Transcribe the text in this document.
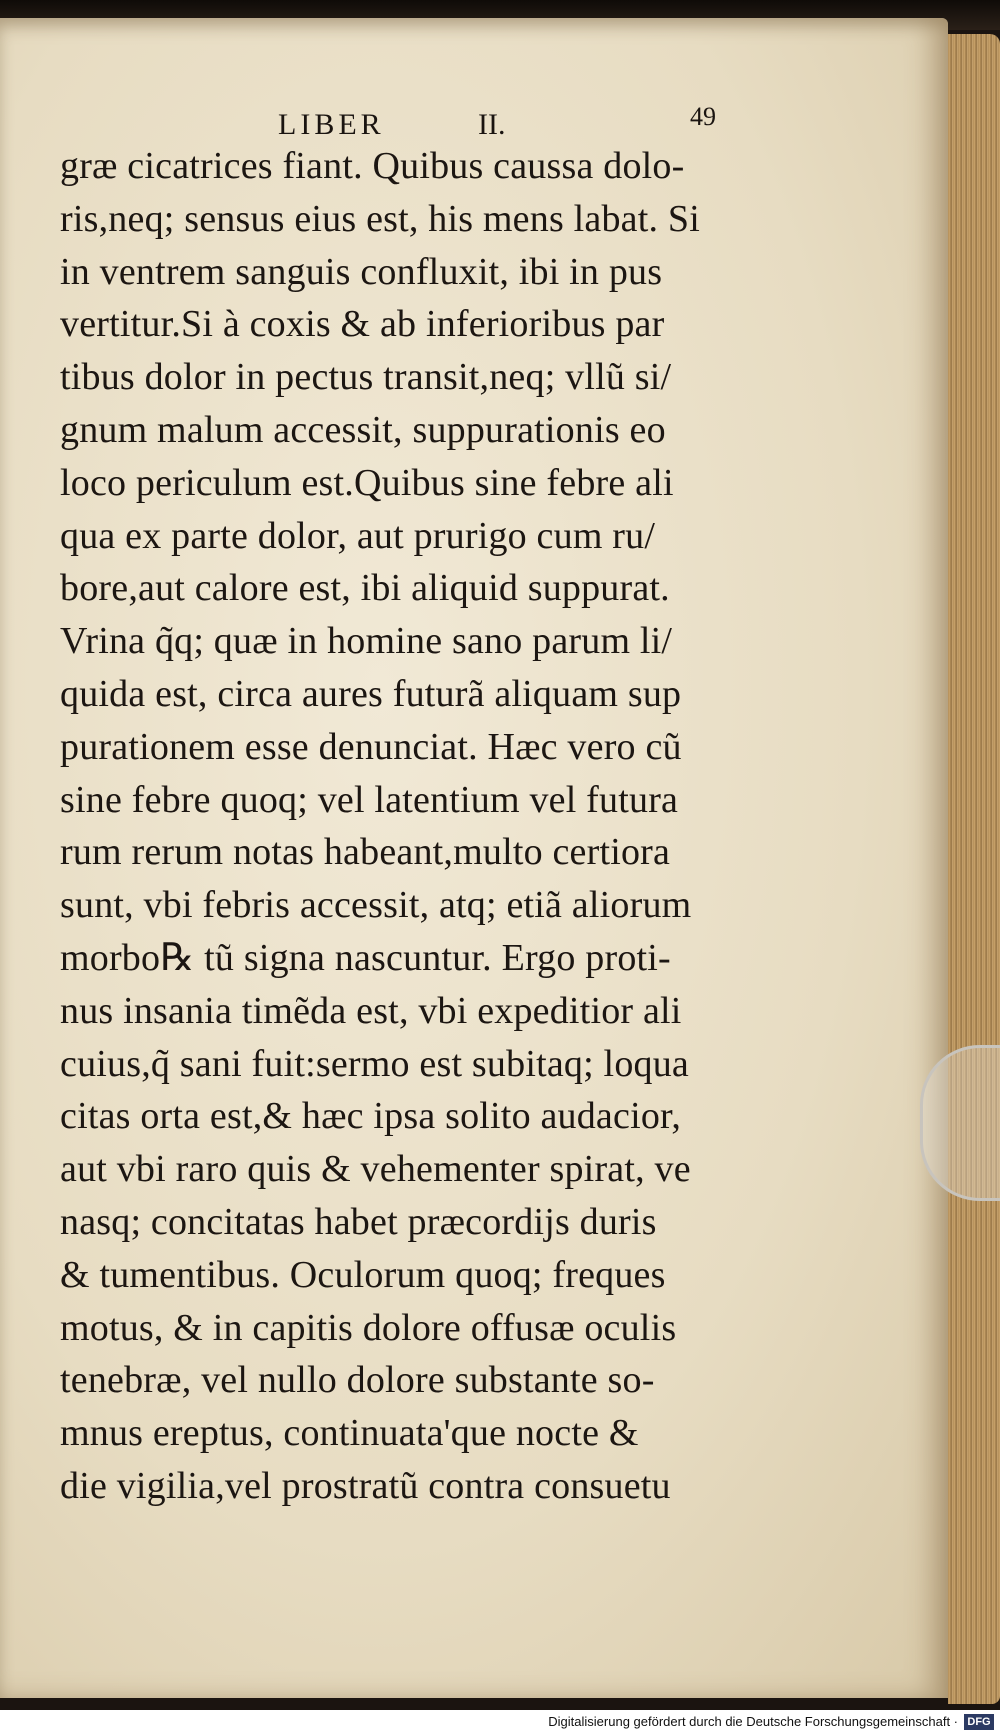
LIBER	II.	49
græ cicatrices fiant. Quibus caussa dolo-
ris,neq; sensus eius est, his mens labat. Si
in ventrem sanguis confluxit, ibi in pus
vertitur.Si à coxis & ab inferioribus par
tibus dolor in pectus transit,neq; vllũ si/
gnum malum accessit, suppurationis eo
loco periculum est.Quibus sine febre ali
qua ex parte dolor, aut prurigo cum ru/
bore,aut calore est, ibi aliquid suppurat.
Vrina q̃q; quæ in homine sano parum li/
quida est, circa aures futurã aliquam sup
purationem esse denunciat. Hæc vero cũ
sine febre quoq; vel latentium vel futura
rum rerum notas habeant,multo certiora
sunt, vbi febris accessit, atq; etiã aliorum
morbo℞ tũ signa nascuntur. Ergo proti-
nus insania timẽda est, vbi expeditior ali
cuius,q̃ sani fuit:sermo est subitaq; loqua
citas orta est,& hæc ipsa solito audacior,
aut vbi raro quis & vehementer spirat, ve
nasq; concitatas habet præcordijs duris
& tumentibus. Oculorum quoq; freques
motus, & in capitis dolore offusæ oculis
tenebræ, vel nullo dolore substante so-
mnus ereptus, continuata'que nocte &
die vigilia,vel prostratũ contra consuetu
Digitalisierung gefördert durch die Deutsche Forschungsgemeinschaft · DFG
